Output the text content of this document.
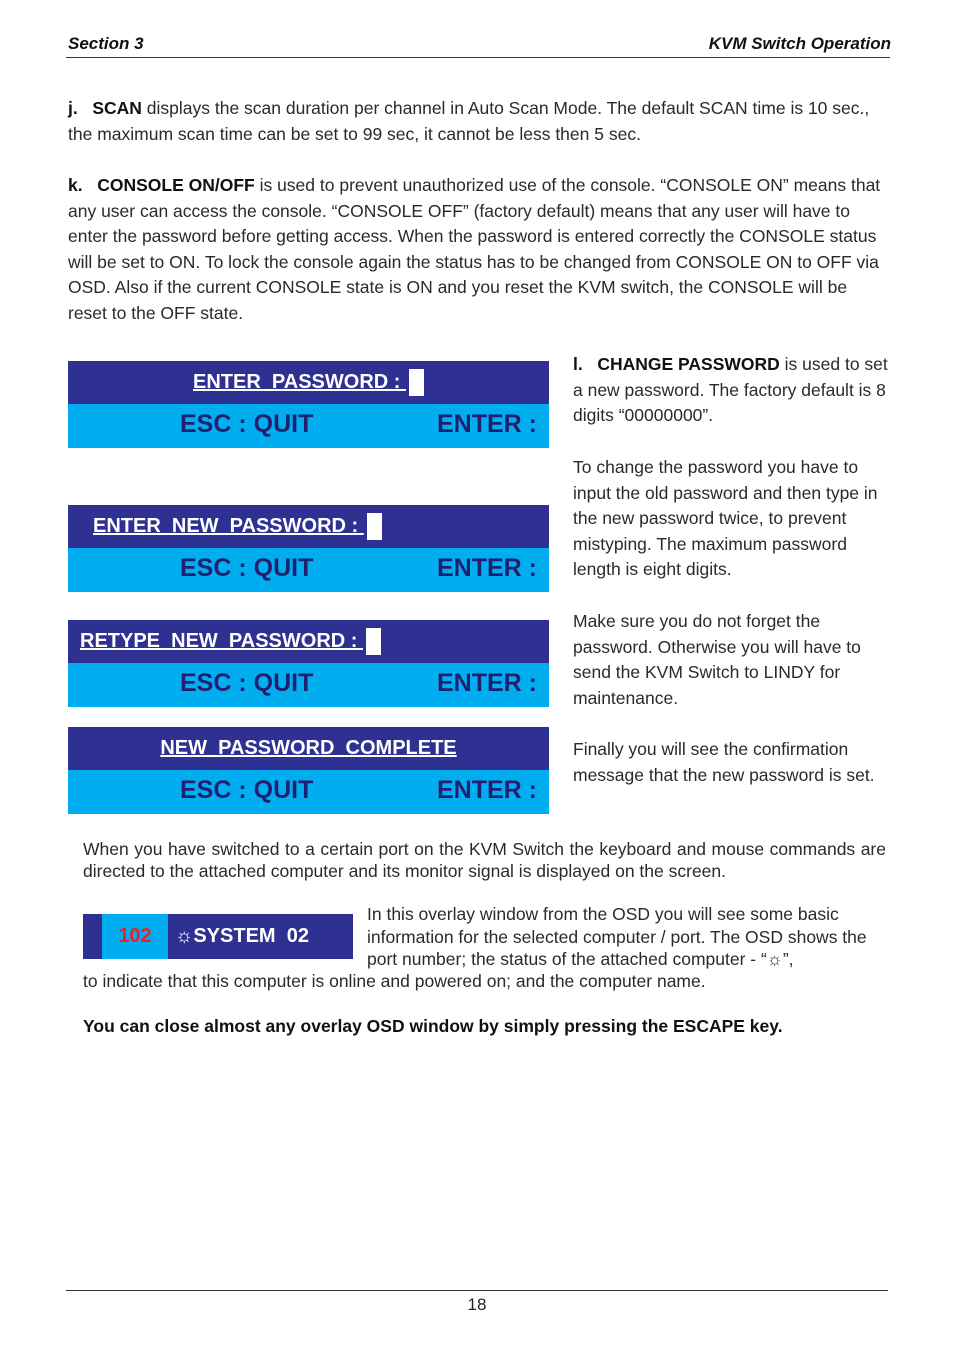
Section 3	KVM Switch Operation
j. SCAN displays the scan duration per channel in Auto Scan Mode. The default SCAN time is 10 sec., the maximum scan time can be set to 99 sec, it cannot be less then 5 sec.
k. CONSOLE ON/OFF is used to prevent unauthorized use of the console. “CONSOLE ON” means that any user can access the console. “CONSOLE OFF” (factory default) means that any user will have to enter the password before getting access. When the password is entered correctly the CONSOLE status will be set to ON. To lock the console again the status has to be changed from CONSOLE ON to OFF via OSD. Also if the current CONSOLE state is ON and you reset the KVM switch, the CONSOLE will be reset to the OFF state.
ENTER  PASSWORD :
ESC : QUIT	ENTER :
ENTER  NEW  PASSWORD :
ESC : QUIT	ENTER :
RETYPE  NEW  PASSWORD :
ESC : QUIT	ENTER :
NEW  PASSWORD  COMPLETE
ESC : QUIT	ENTER :
l. CHANGE PASSWORD is used to set a new password. The factory default is 8 digits “00000000”.
To change the password you have to input the old password and then type in the new password twice, to prevent mistyping. The maximum password length is eight digits.
Make sure you do not forget the password. Otherwise you will have to send the KVM Switch to LINDY for maintenance.
Finally you will see the confirmation message that the new password is set.
When you have switched to a certain port on the KVM Switch the keyboard and mouse commands are directed to the attached computer and its monitor signal is displayed on the screen.
102	☼ SYSTEM  02
In this overlay window from the OSD you will see some basic information for the selected computer / port. The OSD shows the port number; the status of the attached computer - “☼”,
to indicate that this computer is online and powered on; and the computer name.
You can close almost any overlay OSD window by simply pressing the ESCAPE key.
18
